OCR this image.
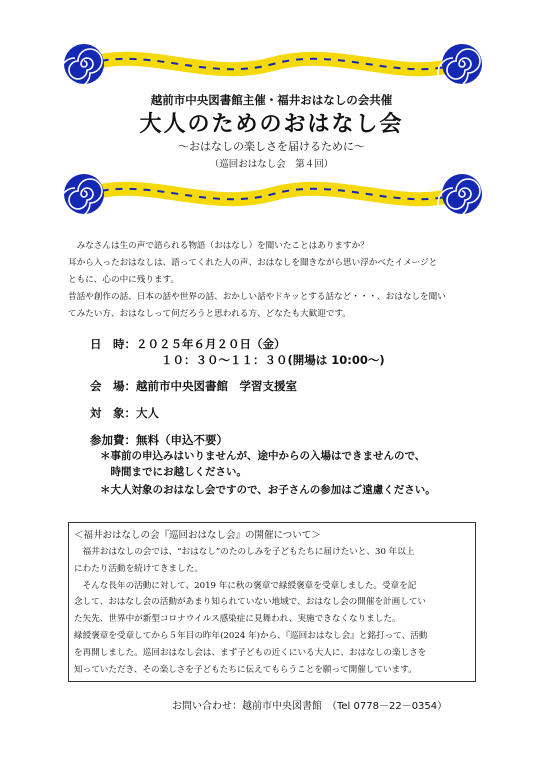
越前市中央図書館主催・福井おはなしの会共催
大人のためのおはなし会
～おはなしの楽しさを届けるために～
（巡回おはなし会　第４回）

　みなさんは生の声で語られる物語（おはなし）を聞いたことはありますか？

耳から入ったおはなしは、語ってくれた人の声、おはなしを聞きながら思い浮かべたイメージと

ともに、心の中に残ります。

昔話や創作の話、日本の話や世界の話、おかしい話やドキッとする話など・・・、おはなしを聞い

てみたい方、おはなしって何だろうと思われる方、どなたも大歓迎です。

日　時：２０２５年６月２０日（金）
１０：３０～１１：３０(開場は 10:00～)
会　場：越前市中央図書館　学習支援室
対　象：大人
参加費：無料（申込不要）
＊事前の申込みはいりませんが、途中からの入場はできませんので、
　時間までにお越しください。
＊大人対象のおはなし会ですので、お子さんの参加はご遠慮ください。
＜福井おはなしの会『巡回おはなし会』の開催について＞

　福井おはなしの会では、“おはなし”のたのしみを子どもたちに届けたいと、30 年以上

にわたり活動を続けてきました。

　そんな長年の活動に対して、2019 年に秋の褒章で緑綬褒章を受章しました。受章を記

念して、おはなし会の活動があまり知られていない地域で、おはなし会の開催を計画してい

た矢先、世界中が新型コロナウイルス感染症に見舞われ、実施できなくなりました。

緑綬褒章を受章してから５年目の昨年(2024 年)から、『巡回おはなし会』と銘打って、活動

を再開しました。巡回おはなし会は、まず子どもの近くにいる大人に、おはなしの楽しさを

知っていただき、その楽しさを子どもたちに伝えてもらうことを願って開催しています。

お問い合わせ：越前市中央図書館　（Tel 0778－22－0354）
